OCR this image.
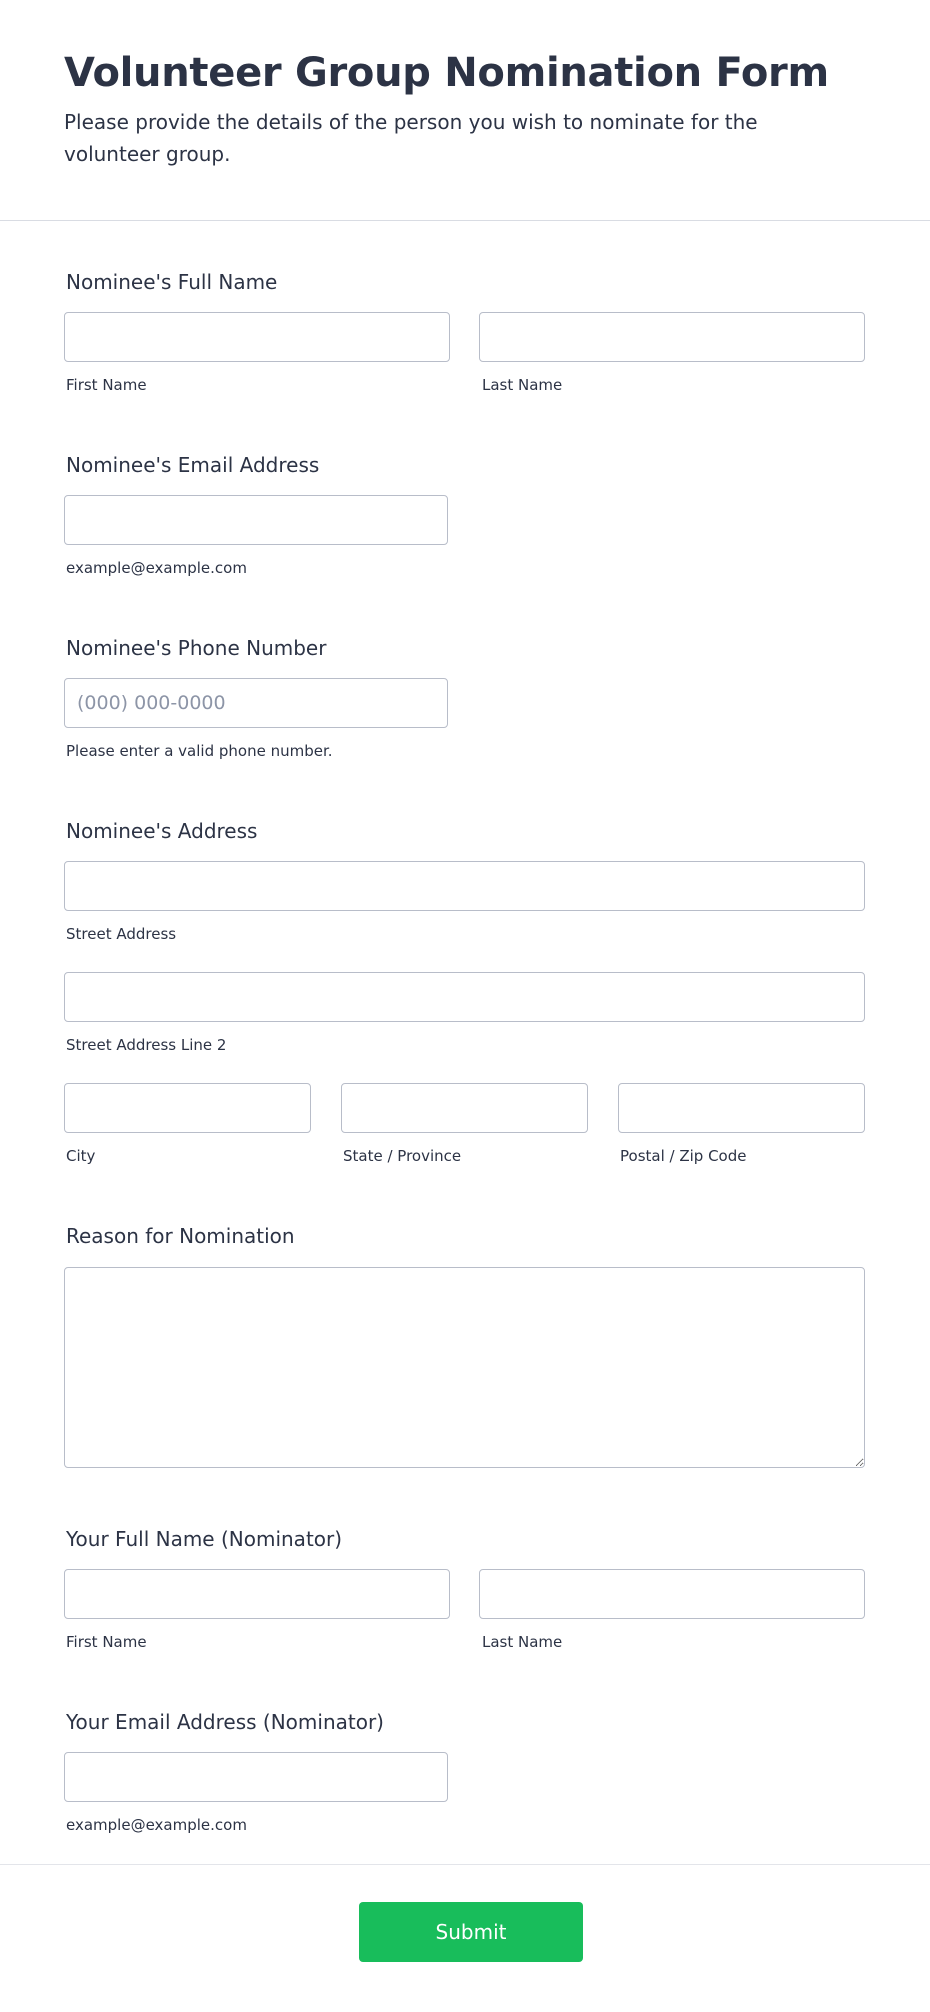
Volunteer Group Nomination Form

Please provide the details of the person you wish to nominate for the volunteer group.

Nominee's Full Name
First Name	Last Name
Nominee's Email Address
example@example.com
Nominee's Phone Number
(000) 000-0000
Please enter a valid phone number.
Nominee's Address
Street Address
Street Address Line 2
City	State / Province	Postal / Zip Code
Reason for Nomination
Your Full Name (Nominator)
First Name	Last Name
Your Email Address (Nominator)
example@example.com
Submit
